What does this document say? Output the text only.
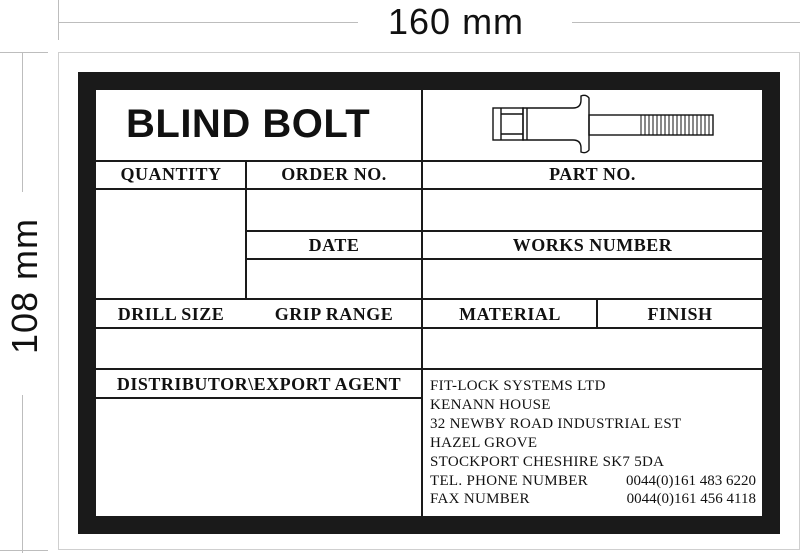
160 mm
108 mm
BLIND BOLT
QUANTITY	ORDER NO.	PART NO.
DATE	WORKS NUMBER
DRILL SIZE	GRIP RANGE	MATERIAL	FINISH
DISTRIBUTOR\EXPORT AGENT	FIT-LOCK SYSTEMS LTD
KENANN HOUSE
32 NEWBY ROAD INDUSTRIAL EST
HAZEL GROVE
STOCKPORT CHESHIRE SK7 5DA
TEL. PHONE NUMBER	0044(0)161 483 6220
FAX NUMBER	0044(0)161 456 4118
